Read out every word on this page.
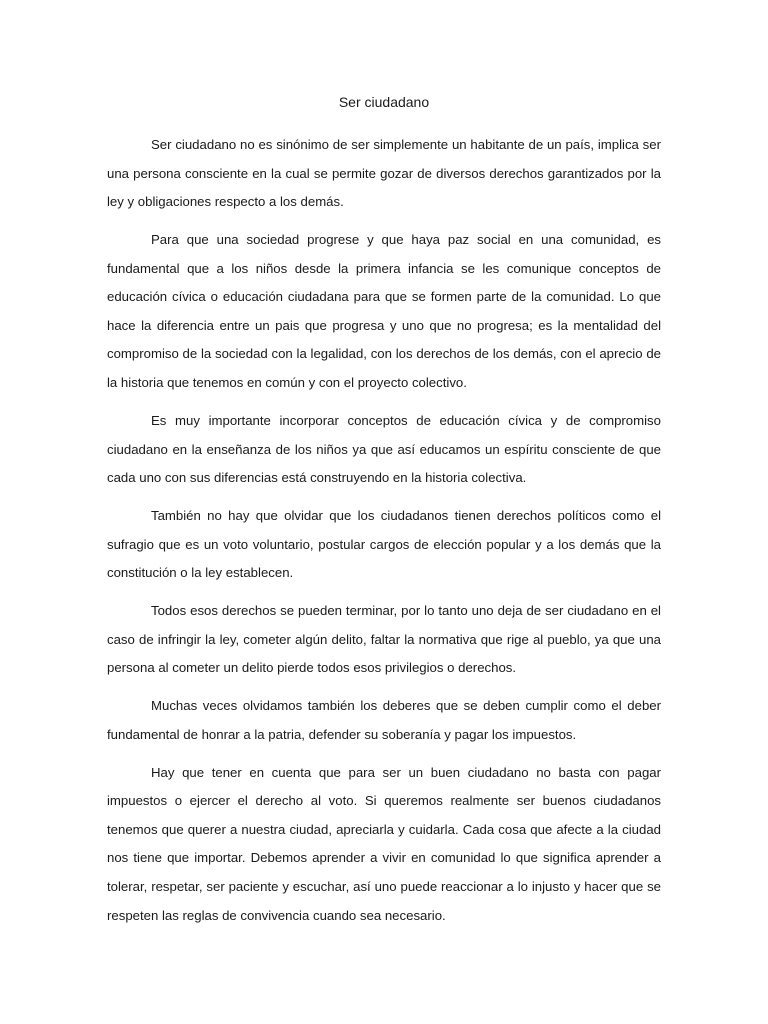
Ser ciudadano

Ser ciudadano no es sinónimo de ser simplemente un habitante de un país, implica ser una persona consciente en la cual se permite gozar de diversos derechos garantizados por la ley y obligaciones respecto a los demás.

Para que una sociedad progrese y que haya paz social en una comunidad, es fundamental que a los niños desde la primera infancia se les comunique conceptos de educación cívica o educación ciudadana para que se formen parte de la comunidad. Lo que hace la diferencia entre un pais que progresa y uno que no progresa; es la mentalidad del compromiso de la sociedad con la legalidad, con los derechos de los demás, con el aprecio de la historia que tenemos en común y con el proyecto colectivo.

Es muy importante incorporar conceptos de educación cívica y de compromiso ciudadano en la enseñanza de los niños ya que así educamos un espíritu consciente de que cada uno con sus diferencias está construyendo en la historia colectiva.

También no hay que olvidar que los ciudadanos tienen derechos políticos como el sufragio que es un voto voluntario, postular cargos de elección popular y a los demás que la constitución o la ley establecen.

Todos esos derechos se pueden terminar, por lo tanto uno deja de ser ciudadano en el caso de infringir la ley, cometer algún delito, faltar la normativa que rige al pueblo, ya que una persona al cometer un delito pierde todos esos privilegios o derechos.

Muchas veces olvidamos también los deberes que se deben cumplir como el deber fundamental de honrar a la patria, defender su soberanía y pagar los impuestos.

Hay que tener en cuenta que para ser un buen ciudadano no basta con pagar impuestos o ejercer el derecho al voto. Si queremos realmente ser buenos ciudadanos tenemos que querer a nuestra ciudad, apreciarla y cuidarla. Cada cosa que afecte a la ciudad nos tiene que importar. Debemos aprender a vivir en comunidad lo que significa aprender a tolerar, respetar, ser paciente y escuchar, así uno puede reaccionar a lo injusto y hacer que se respeten las reglas de convivencia cuando sea necesario.
